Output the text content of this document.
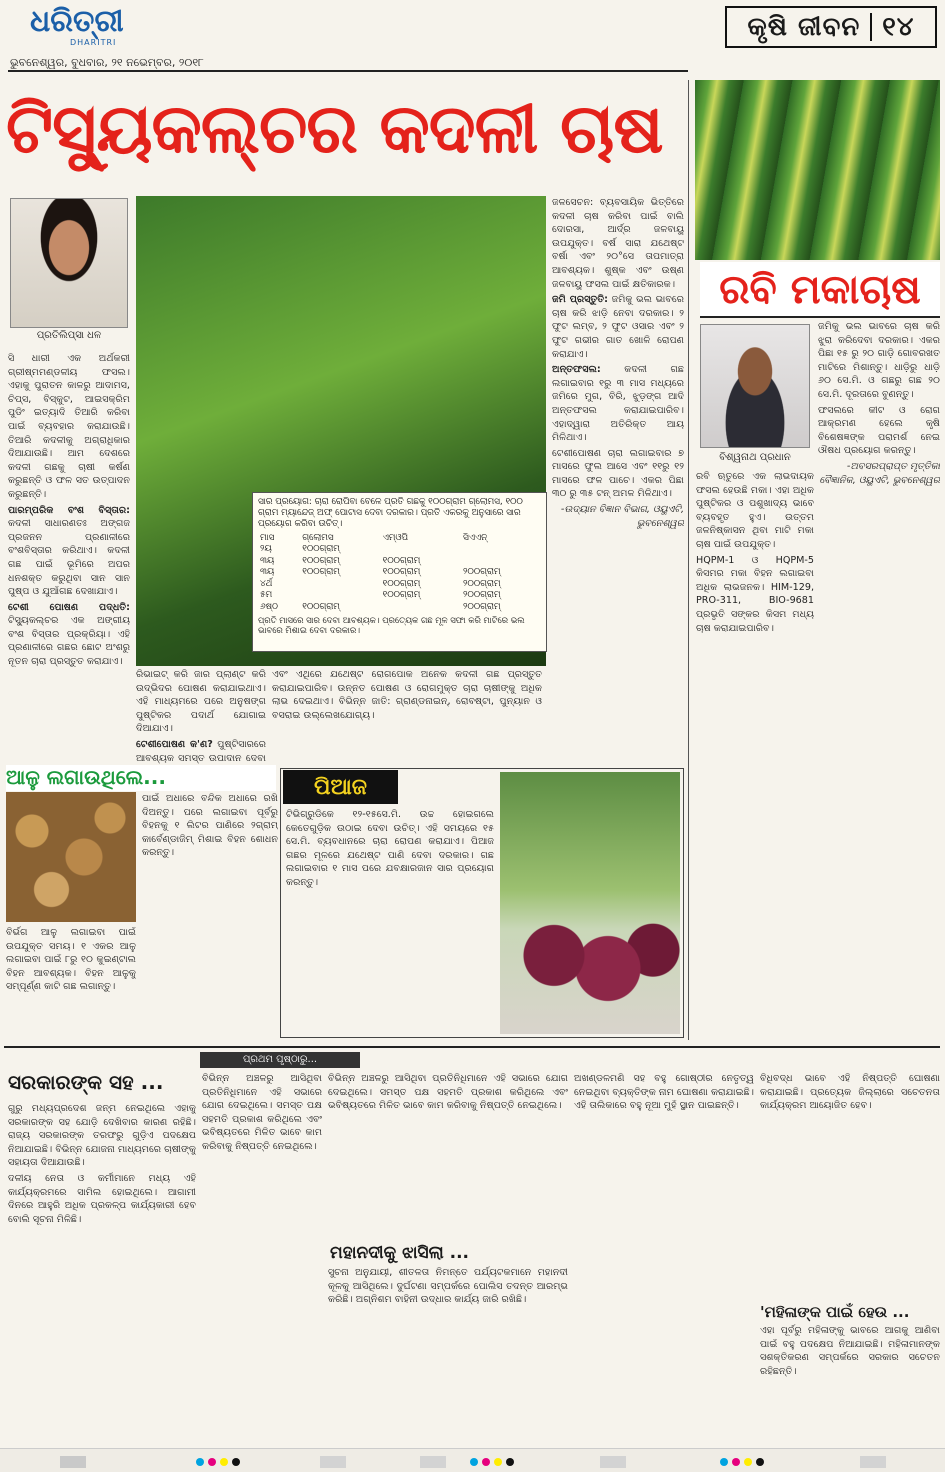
ଧରିତ୍ରୀ
DHARITRI
ଭୁବନେଶ୍ୱର, ବୁଧବାର, ୨୧ ନଭେମ୍ବର, ୨୦୧୮
କୃଷି ଜୀବନ ୧୪
ଟିସ୍ୟୁକଲ୍‌ଚର କଦଳୀ ଚାଷ
ପ୍ରତିଲିପ୍ସା ଧଳ

ସି ଧାରୀ ଏକ ଅର୍ଥକରୀ ଗ୍ରୀଷ୍ମମଣ୍ଡଳୀୟ ଫସଲ। ଏହାକୁ ପୁରାତନ କାଳରୁ ଆଦାମସ, ଚିପ୍ସ, ବିସ୍କୁଟ, ଆଇସକ୍ରିମ ପୁଡିଂ ଇତ୍ୟାଦି ତିଆରି କରିବା ପାଇଁ ବ୍ୟବହାର କରାଯାଉଛି। ତିଆରି କଦଳୀକୁ ଅଗ୍ରାଧିକାର ଦିଆଯାଉଛି। ଆମ ଦେଶରେ କଦଳୀ ଗଛକୁ ଚାଷୀ କର୍ଷଣ କରୁଛନ୍ତି ଓ ଫଳ ସତ ଉତ୍ପାଦନ କରୁଛନ୍ତି।

ପାରମ୍ପରିକ ବଂଶ ବିସ୍ତାର: କଦଳୀ ସାଧାରଣତଃ ଅଙ୍ଗଜ ପ୍ରଜନନ ପ୍ରଣାଳୀରେ ବଂଶବିସ୍ତାର କରିଥାଏ। କଦଳୀ ଗଛ ପାଇଁ ଭୂମିରେ ଅପର ଧନଶକ୍ତ କରୁଥିବା ସାନ ସାନ ପୁଷ୍ପ ଓ ଯୁଆଁଗଛ ଦେଖାଯାଏ।

ଟେଶୀ ପୋଷଣ ପଦ୍ଧତି: ଟିସ୍ୟୁକଲ୍‌ଚର ଏକ ଅଙ୍ଗୀୟ ବଂଶ ବିସ୍ତାର ପ୍ରକ୍ରିୟା। ଏହି ପ୍ରଣାଳୀରେ ଗଛର ଛୋଟ ଅଂଶରୁ ନୂତନ ଚାରା ପ୍ରସ୍ତୁତ କରାଯାଏ।

ସାର ପ୍ରୟୋଗ: ଚାରା ରୋପିବା ବେଳେ ପ୍ରତି ଗଛକୁ ୧୦୦ଗ୍ରାମ ଗ୍ଲୋମସ, ୧୦୦ ଗ୍ରାମ ମ୍ୟାନ୍ଦେଜ୍ ଅଫ୍ ପୋଟାସ ଦେବା ଦରକାର। ପ୍ରତି ଏକରକୁ ଅନୁସାରେ ସାର ପ୍ରୟୋଗ କରିବା ଉଚିତ୍।
ମାସ	ଗ୍ଲୋମସ	ଏମ୍‌ଓପି	ସିଏଏନ୍
୨ୟ	୧୦୦ଗ୍ରାମ୍		
୩ୟ	୧୦୦ଗ୍ରାମ୍	୧୦୦ଗ୍ରାମ୍	
୩ୟ	୧୦୦ଗ୍ରାମ୍	୧୦୦ଗ୍ରାମ୍	୨୦୦ଗ୍ରାମ୍
୪ର୍ଥ		୧୦୦ଗ୍ରାମ୍	୨୦୦ଗ୍ରାମ୍
୫ମ		୧୦୦ଗ୍ରାମ୍	୨୦୦ଗ୍ରାମ୍
୬ଷ୍ଠ	୧୦୦ଗ୍ରାମ୍		୨୦୦ଗ୍ରାମ୍
ପ୍ରତି ମାସରେ ସାର ଦେବା ଆବଶ୍ୟକ। ପ୍ରତ୍ୟେକ ଗଛ ମୂଳ ସଫା କରି ମାଟିରେ ଭଲ ଭାବରେ ମିଶାଇ ଦେବା ଦରକାର।

ରିଭାଇଟ୍ କରି ଜାର ପ୍ଲାଣ୍ଟ କରି ଉଦ୍ଭିଦର ପୋଷଣ କରାଯାଇଥାଏ। ଏହି ମାଧ୍ୟମରେ ପରେ ଅନୁଷଙ୍ଗ ପୁଷ୍ଟିକର ପଦାର୍ଥ ଯୋଗାଇ ଦିଆଯାଏ।

ଟେଶୀପୋଷଣ କ'ଣ? ପୁଷ୍ଟିସାରରେ ଆବଶ୍ୟକ ସମସ୍ତ ଉପାଦାନ ଦେବା

ଏବଂ ଏଥିରେ ଯଥେଷ୍ଟ ରୋଗପୋକ ଅନେକ କଦଳୀ ଗଛ ପ୍ରସ୍ତୁତ କରାଯାଇପାରିବ। ଉନ୍ନତ ପୋଷଣ ଓ ରୋଗମୁକ୍ତ ଚାରା ଚାଷୀଙ୍କୁ ଅଧିକ ଲାଭ ଦେଇଥାଏ। ବିଭିନ୍ନ ଜାତି: ଗ୍ରାଣ୍ଡନାଇନ୍, ରୋବଷ୍ଟା, ପୁନ୍ୟାନ ଓ ବସରାଇ ଉଲ୍ଲେଖଯୋଗ୍ୟ।

ଜଳସେଚନ: ବ୍ୟବସାୟିକ ଭିତ୍ତିରେ କଦଳୀ ଚାଷ କରିବା ପାଇଁ ବାଲି ଦୋରସା, ଆର୍ଦ୍ର ଜଳବାୟୁ ଉପଯୁକ୍ତ। ବର୍ଷ ସାରା ଯଥେଷ୍ଟ ବର୍ଷା ଏବଂ ୨୦°ସେ ତାପମାତ୍ରା ଆବଶ୍ୟକ। ଶୁଷ୍କ ଏବଂ ଉଷ୍ଣ ଜଳବାୟୁ ଫସଲ ପାଇଁ କ୍ଷତିକାରକ।

ଜମି ପ୍ରସ୍ତୁତି: ଜମିକୁ ଭଲ ଭାବରେ ଚାଷ କରି ଝାଡ଼ି ନେବା ଦରକାର। ୨ ଫୁଟ ଲମ୍ବ, ୨ ଫୁଟ ଓସାର ଏବଂ ୨ ଫୁଟ ଗଭୀର ଗାତ ଖୋଳି ରୋପଣ କରାଯାଏ।

ଅନ୍ତଫସଲ: କଦଳୀ ଗଛ ଲଗାଇବାର ୧ରୁ ୩ ମାସ ମଧ୍ୟରେ ଜମିରେ ମୁଗ, ବିରି, ଝୁଡ଼ଙ୍ଗ ଆଦି ଅନ୍ତଫସଲ କରାଯାଇପାରିବ। ଏହାଦ୍ୱାରା ଅତିରିକ୍ତ ଆୟ ମିଳିଥାଏ।

ଟେଶୀପୋଷଣ ଚାରା ଲଗାଇବାର ୭ ମାସରେ ଫୁଲ ଆସେ ଏବଂ ୧୧ରୁ ୧୨ ମାସରେ ଫଳ ପାଚେ। ଏକର ପିଛା ୩୦ ରୁ ୩୫ ଟନ୍ ଅମଳ ମିଳିଥାଏ।

-ଉଦ୍ୟାନ ବିଜ୍ଞାନ ବିଭାଗ, ଓୟୁଏଟି, ଭୁବନେଶ୍ୱର

ଆଳୁ ଲଗାଉଥିଲେ...

ବିର୍ଭଗ ଆଳୁ ଲଗାଇବା ପାଇଁ ଉପଯୁକ୍ତ ସମୟ। ୧ ଏକର ଆଳୁ ଲଗାଇବା ପାଇଁ ୮ରୁ ୧୦ କୁଇଣ୍ଟାଲ ବିହନ ଆବଶ୍ୟକ। ବିହନ ଆଳୁକୁ ସମ୍ପୂର୍ଣ୍ଣ କାଟି ଗଛ ଲଗାନ୍ତୁ।

ପାଇଁ ଅଧାରେ ବନ୍ଦିକ ଅଧାରେ ରଖି ଦିଅନ୍ତୁ। ପରେ ଲଗାଇବା ପୂର୍ବରୁ ବିହନକୁ ୧ ଲିଟର ପାଣିରେ ୨ଗ୍ରାମ୍ କାର୍ବେଣ୍ଡାଜିମ୍ ମିଶାଇ ବିହନ ଶୋଧନ କରନ୍ତୁ।

ପିଆଜ

ଟିଭିଗ୍ରୁଡିକେ ୧୨-୧୫ସେ.ମି. ଉଚ୍ଚ ହୋଇଗଲେ କେତେଗୁଡ଼ିକ ଉଠାଇ ଦେବା ଉଚିତ୍। ଏହି ସମୟରେ ୧୫ ସେ.ମି. ବ୍ୟବଧାନରେ ଚାରା ରୋପଣ କରାଯାଏ। ପିଆଜ ଗଛର ମୂଳରେ ଯଥେଷ୍ଟ ପାଣି ଦେବା ଦରକାର। ଗଛ ଲଗାଇବାର ୧ ମାସ ପରେ ଯବକ୍ଷାରଜାନ ସାର ପ୍ରୟୋଗ କରନ୍ତୁ।

ରବି ମକାଚାଷ
ବିଶ୍ୱନାଥ ପ୍ରଧାନ

ଜମିକୁ ଭଲ ଭାବରେ ଚାଷ କରି ଝୁରା କରିଦେବା ଦରକାର। ଏକର ପିଛା ୧୫ ରୁ ୨୦ ଗାଡ଼ି ଗୋବରଖତ ମାଟିରେ ମିଶାନ୍ତୁ। ଧାଡ଼ିରୁ ଧାଡ଼ି ୬୦ ସେ.ମି. ଓ ଗଛରୁ ଗଛ ୨୦ ସେ.ମି. ଦୂରତାରେ ବୁଣନ୍ତୁ।

ଫସଲରେ କୀଟ ଓ ରୋଗ ଆକ୍ରମଣ ହେଲେ କୃଷି ବିଶେଷଜ୍ଞଙ୍କ ପରାମର୍ଶ ନେଇ ଔଷଧ ପ୍ରୟୋଗ କରନ୍ତୁ।

-ଅବସରପ୍ରାପ୍ତ ମୃତ୍ତିକା ବୈଜ୍ଞାନିକ, ଓୟୁଏଟି, ଭୁବନେଶ୍ୱର

ରବି ଋତୁରେ ଏକ ଲାଭଦାୟକ ଫସଲ ହେଉଛି ମକା। ଏହା ଅଧିକ ପୁଷ୍ଟିକର ଓ ପଶୁଖାଦ୍ୟ ଭାବେ ବ୍ୟବହୃତ ହୁଏ। ଉତ୍ତମ ଜଳନିଷ୍କାସନ ଥିବା ମାଟି ମକା ଚାଷ ପାଇଁ ଉପଯୁକ୍ତ।

HQPM-1 ଓ HQPM-5 କିସମର ମକା ବିହନ ଲଗାଇବା ଅଧିକ ଲାଭଜନକ। HIM-129, PRO-311, BIO-9681 ପ୍ରଭୃତି ସଙ୍କର କିସମ ମଧ୍ୟ ଚାଷ କରାଯାଇପାରିବ।

ପ୍ରଥମ ପୃଷ୍ଠାରୁ...
ସରକାରଙ୍କ ସହ ...

ଗୁରୁ ମଧ୍ୟପ୍ରଦେଶ ଜନ୍ମ ନେଇଥିଲେ ଏହାକୁ ସରକାରଙ୍କ ସହ ଯୋଡ଼ି ଦେଖିବାର କାରଣ ରହିଛି। ରାଜ୍ୟ ସରକାରଙ୍କ ତରଫରୁ ଗୁଡ଼ିଏ ପଦକ୍ଷେପ ନିଆଯାଇଛି। ବିଭିନ୍ନ ଯୋଜନା ମାଧ୍ୟମରେ ଚାଷୀଙ୍କୁ ସହାୟତା ଦିଆଯାଉଛି।

ଦଳୀୟ ନେତା ଓ କର୍ମୀମାନେ ମଧ୍ୟ ଏହି କାର୍ଯ୍ୟକ୍ରମରେ ସାମିଲ ହୋଇଥିଲେ। ଆଗାମୀ ଦିନରେ ଆହୁରି ଅଧିକ ପ୍ରକଳ୍ପ କାର୍ଯ୍ୟକାରୀ ହେବ ବୋଲି ସୂଚନା ମିଳିଛି।

ବିଭିନ୍ନ ଅଞ୍ଚଳରୁ ଆସିଥିବା ପ୍ରତିନିଧିମାନେ ଏହି ସଭାରେ ଯୋଗ ଦେଇଥିଲେ। ସମସ୍ତ ପକ୍ଷ ସହମତି ପ୍ରକାଶ କରିଥିଲେ ଏବଂ ଭବିଷ୍ୟତରେ ମିଳିତ ଭାବେ କାମ କରିବାକୁ ନିଷ୍ପତ୍ତି ନେଇଥିଲେ।

ବିଭିନ୍ନ ଅଞ୍ଚଳରୁ ଆସିଥିବା ପ୍ରତିନିଧିମାନେ ଏହି ସଭାରେ ଯୋଗ ଦେଇଥିଲେ। ସମସ୍ତ ପକ୍ଷ ସହମତି ପ୍ରକାଶ କରିଥିଲେ ଏବଂ ଭବିଷ୍ୟତରେ ମିଳିତ ଭାବେ କାମ କରିବାକୁ ନିଷ୍ପତ୍ତି ନେଇଥିଲେ।

ମହାନଦୀକୁ ଝାସିଲା ...

ସୁଚନା ଅନୁଯାୟୀ, ଶୀତଳତା ନିମନ୍ତେ ପର୍ଯ୍ୟଟକମାନେ ମହାନଦୀ କୂଳକୁ ଆସିଥିଲେ। ଦୁର୍ଘଟଣା ସମ୍ପର୍କରେ ପୋଲିସ ତଦନ୍ତ ଆରମ୍ଭ କରିଛି। ଅଗ୍ନିଶମ ବାହିନୀ ଉଦ୍ଧାର କାର୍ଯ୍ୟ ଜାରି ରଖିଛି।

ଅଖଣ୍ଡଳମଣି ସହ ବହୁ ଗୋଷ୍ଠୀର ନେତୃତ୍ୱ ନେଇଥିବା ବ୍ୟକ୍ତିଙ୍କ ନାମ ଘୋଷଣା କରାଯାଇଛି। ଏହି ତାଲିକାରେ ବହୁ ନୂଆ ମୁହଁ ସ୍ଥାନ ପାଇଛନ୍ତି।

ବିଧିବଦ୍ଧ ଭାବେ ଏହି ନିଷ୍ପତ୍ତି ଘୋଷଣା କରାଯାଇଛି। ପ୍ରତ୍ୟେକ ଜିଲ୍ଲାରେ ସଚେତନତା କାର୍ଯ୍ୟକ୍ରମ ଆୟୋଜିତ ହେବ।

'ମହିଳାଙ୍କ ପାଇଁ ହେଉ ...

ଏହା ପୂର୍ବରୁ ମହିଳାଙ୍କୁ ଭାବରେ ଆଗକୁ ଆଣିବା ପାଇଁ ବହୁ ପଦକ୍ଷେପ ନିଆଯାଇଛି। ମହିଳାମାନଙ୍କ ସଶକ୍ତିକରଣ ସମ୍ପର୍କରେ ସରକାର ସଚେତନ ରହିଛନ୍ତି।
